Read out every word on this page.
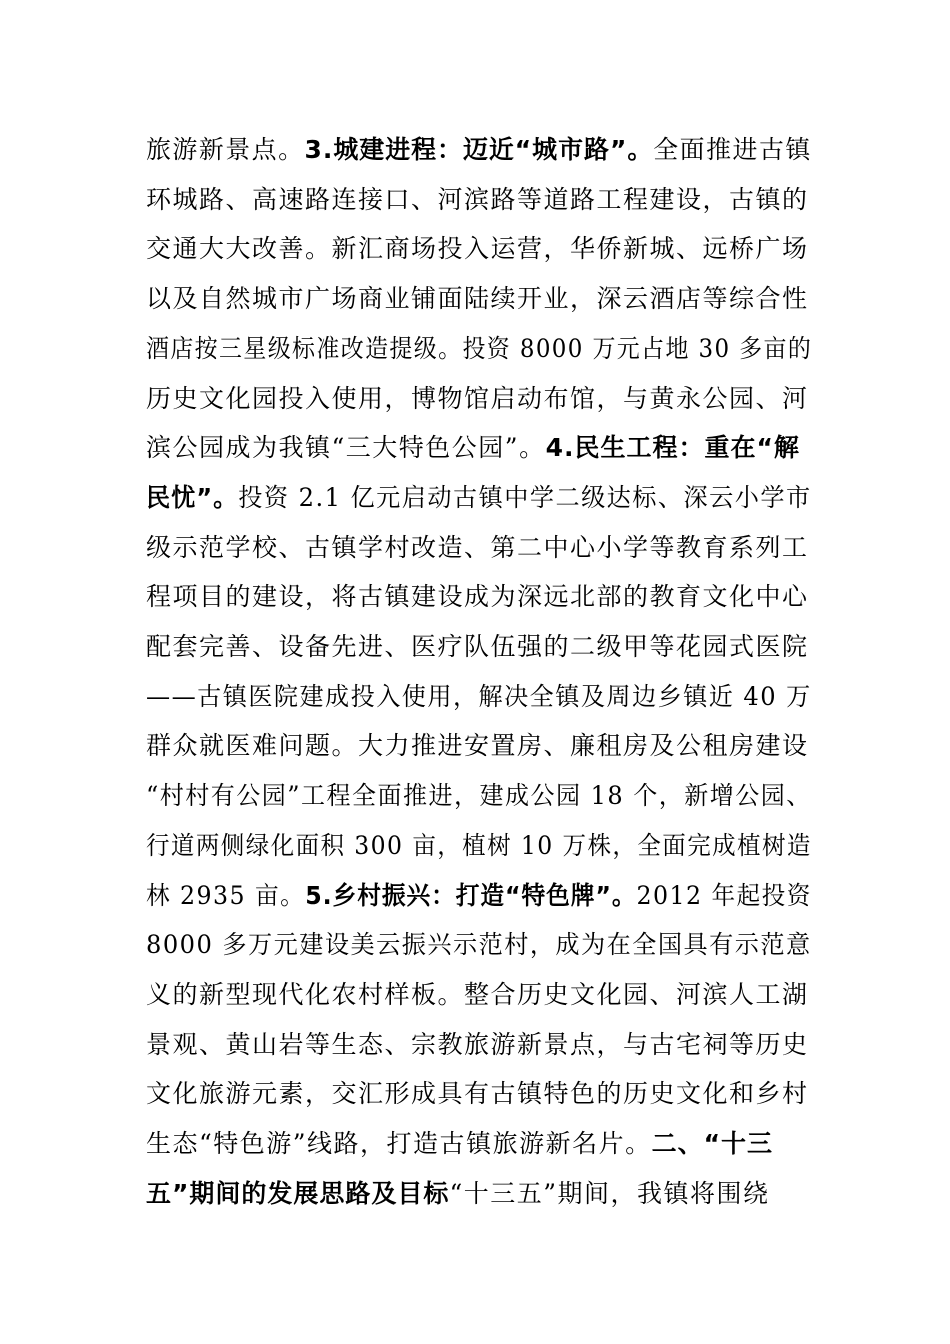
旅游新景点。3.城建进程：迈近“城市路”。全面推进古镇
环城路、高速路连接口、河滨路等道路工程建设，古镇的
交通大大改善。新汇商场投入运营，华侨新城、远桥广场
以及自然城市广场商业铺面陆续开业，深云酒店等综合性
酒店按三星级标准改造提级。投资 8000 万元占地 30 多亩的
历史文化园投入使用，博物馆启动布馆，与黄永公园、河
滨公园成为我镇“三大特色公园”。4.民生工程：重在“解
民忧”。投资 2.1 亿元启动古镇中学二级达标、深云小学市
级示范学校、古镇学村改造、第二中心小学等教育系列工
程项目的建设，将古镇建设成为深远北部的教育文化中心
配套完善、设备先进、医疗队伍强的二级甲等花园式医院
——古镇医院建成投入使用，解决全镇及周边乡镇近 40 万
群众就医难问题。大力推进安置房、廉租房及公租房建设
“村村有公园”工程全面推进，建成公园 18 个，新增公园、
行道两侧绿化面积 300 亩，植树 10 万株，全面完成植树造
林 2935 亩。5.乡村振兴：打造“特色牌”。2012 年起投资
8000 多万元建设美云振兴示范村，成为在全国具有示范意
义的新型现代化农村样板。整合历史文化园、河滨人工湖
景观、黄山岩等生态、宗教旅游新景点，与古宅祠等历史
文化旅游元素，交汇形成具有古镇特色的历史文化和乡村
生态“特色游”线路，打造古镇旅游新名片。二、“十三
五”期间的发展思路及目标“十三五”期间，我镇将围绕
